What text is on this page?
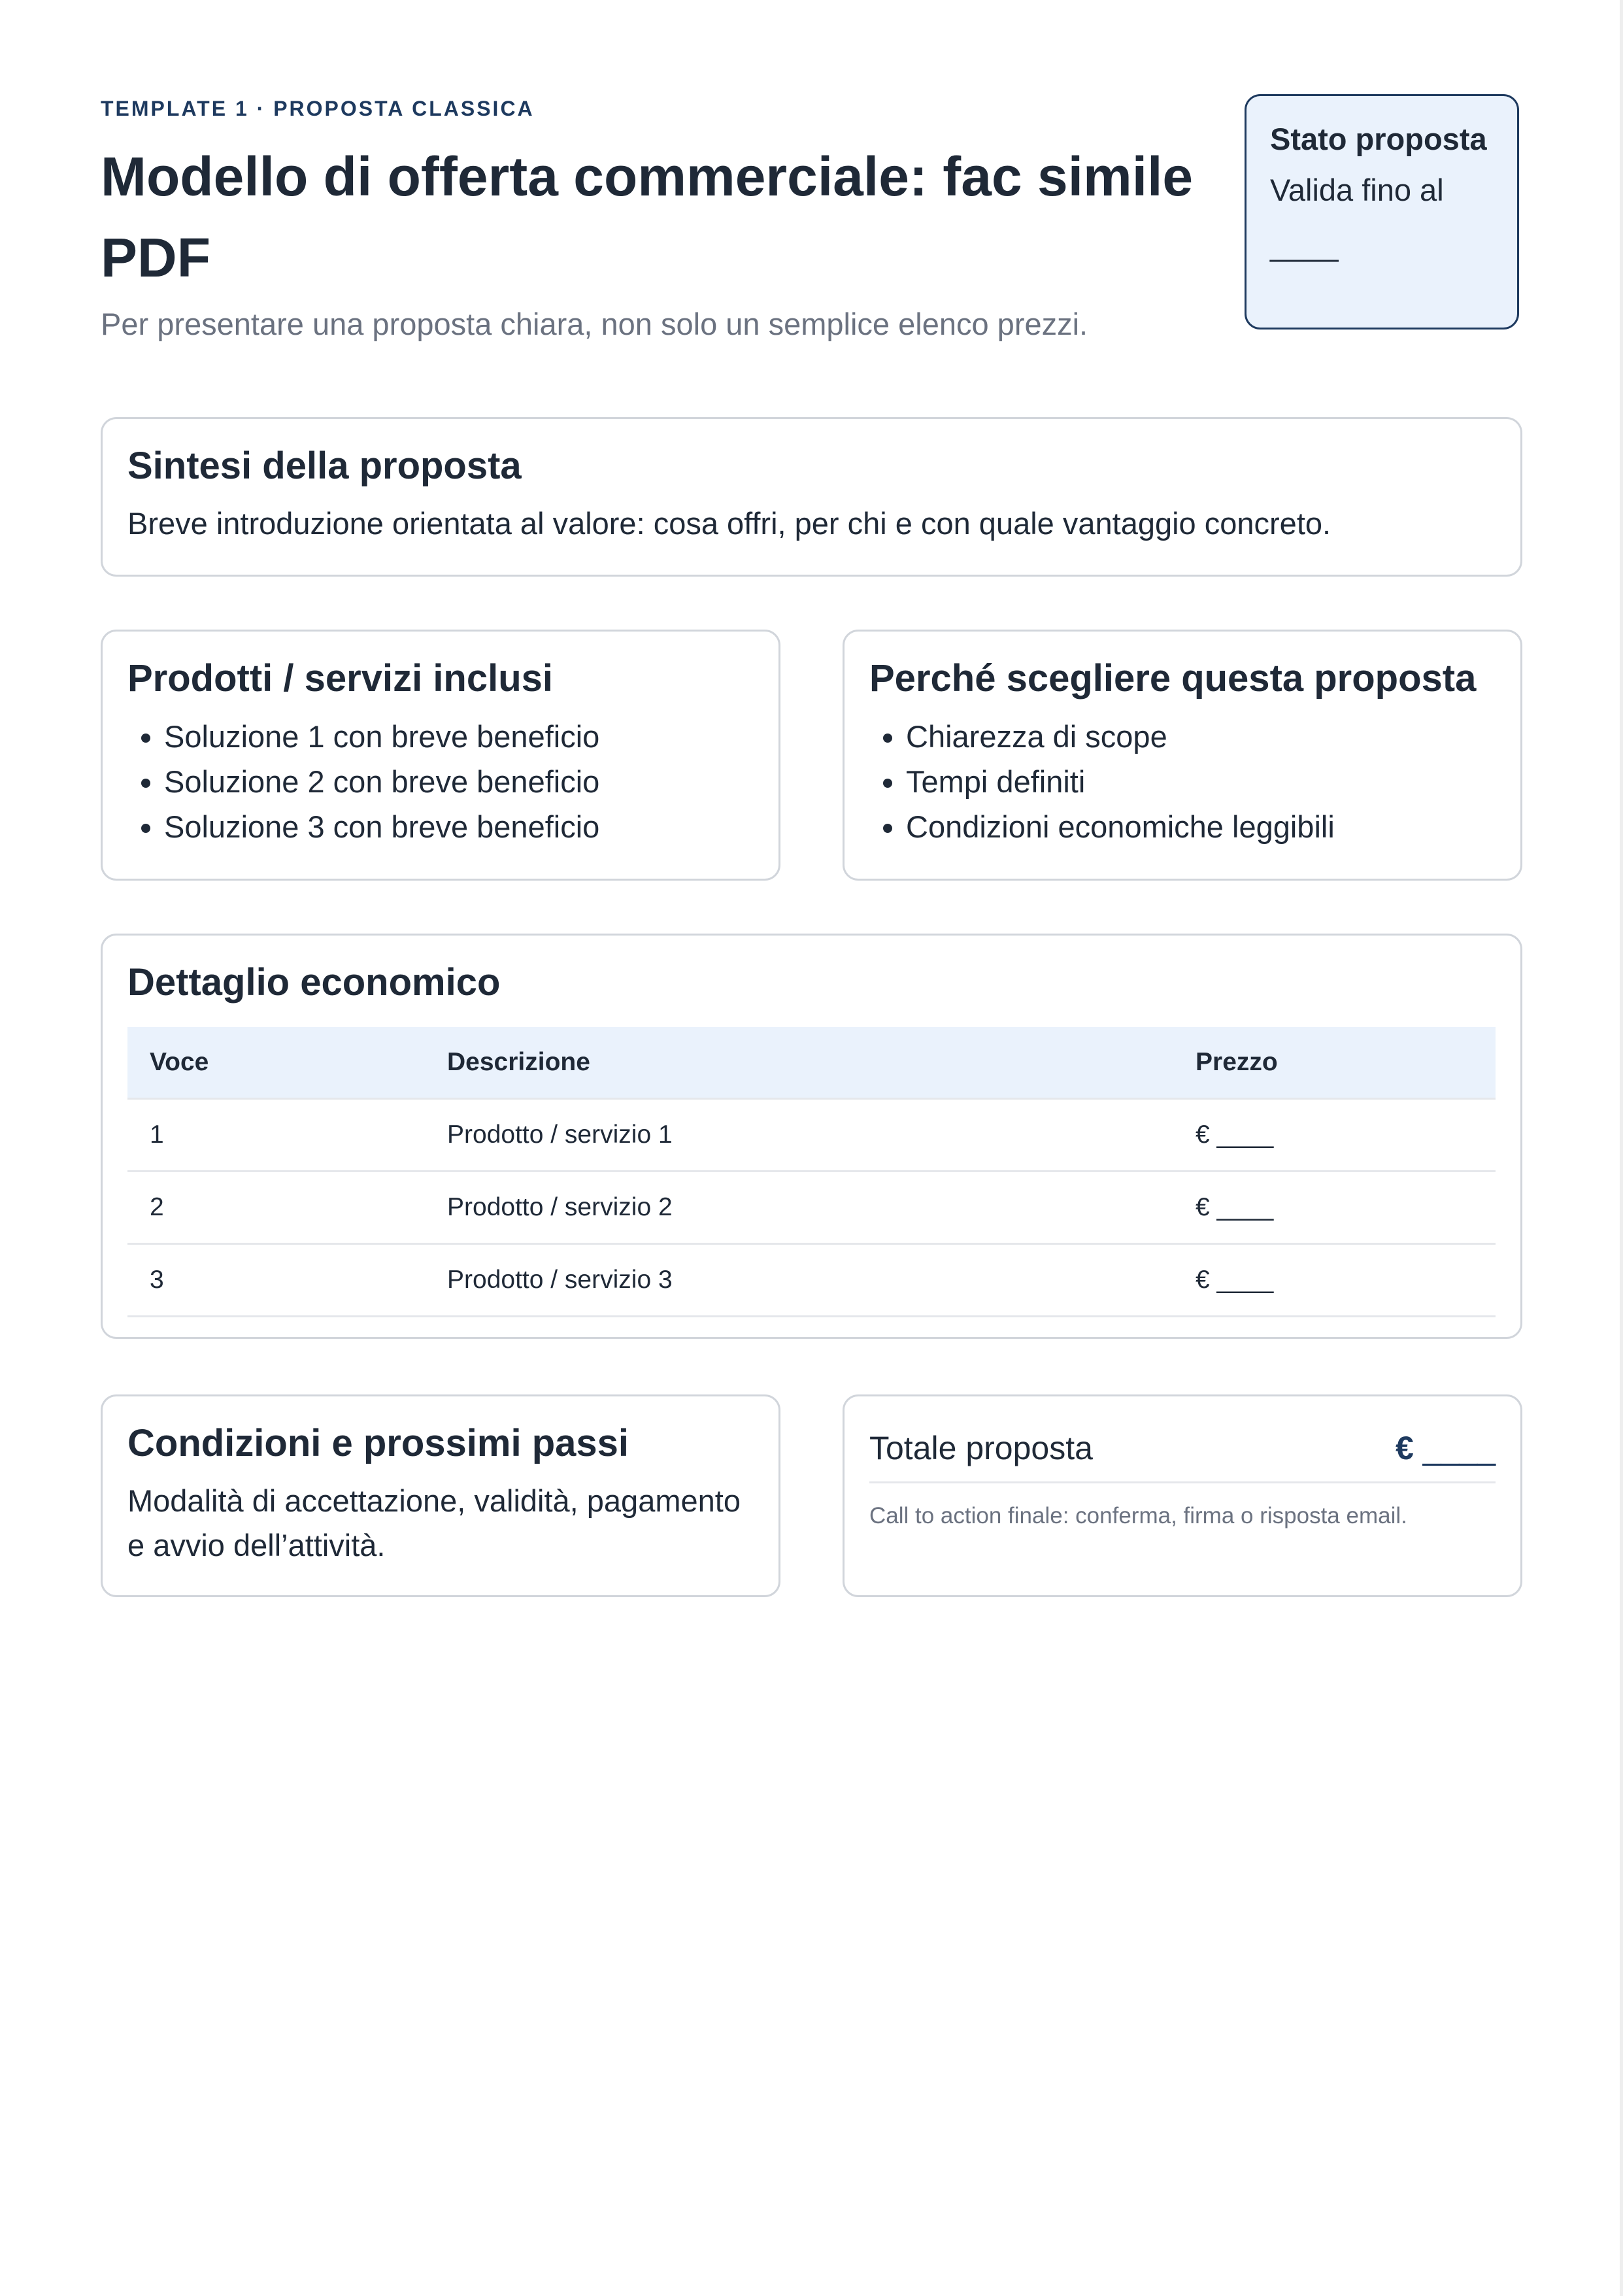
TEMPLATE 1 · PROPOSTA CLASSICA
Modello di offerta commerciale: fac simile PDF
Per presentare una proposta chiara, non solo un semplice elenco prezzi.

Stato proposta

Valida fino al ____

Sintesi della proposta

Breve introduzione orientata al valore: cosa offri, per chi e con quale vantaggio concreto.

Prodotti / servizi inclusi
• Soluzione 1 con breve beneficio
• Soluzione 2 con breve beneficio
• Soluzione 3 con breve beneficio
Perché scegliere questa proposta
• Chiarezza di scope
• Tempi definiti
• Condizioni economiche leggibili
Dettaglio economico
Voce	Descrizione	Prezzo
1	Prodotto / servizio 1	€ ____
2	Prodotto / servizio 2	€ ____
3	Prodotto / servizio 3	€ ____
Condizioni e prossimi passi

Modalità di accettazione, validità, pagamento e avvio dell’attività.

Totale proposta	€ ____
Call to action finale: conferma, firma o risposta email.
